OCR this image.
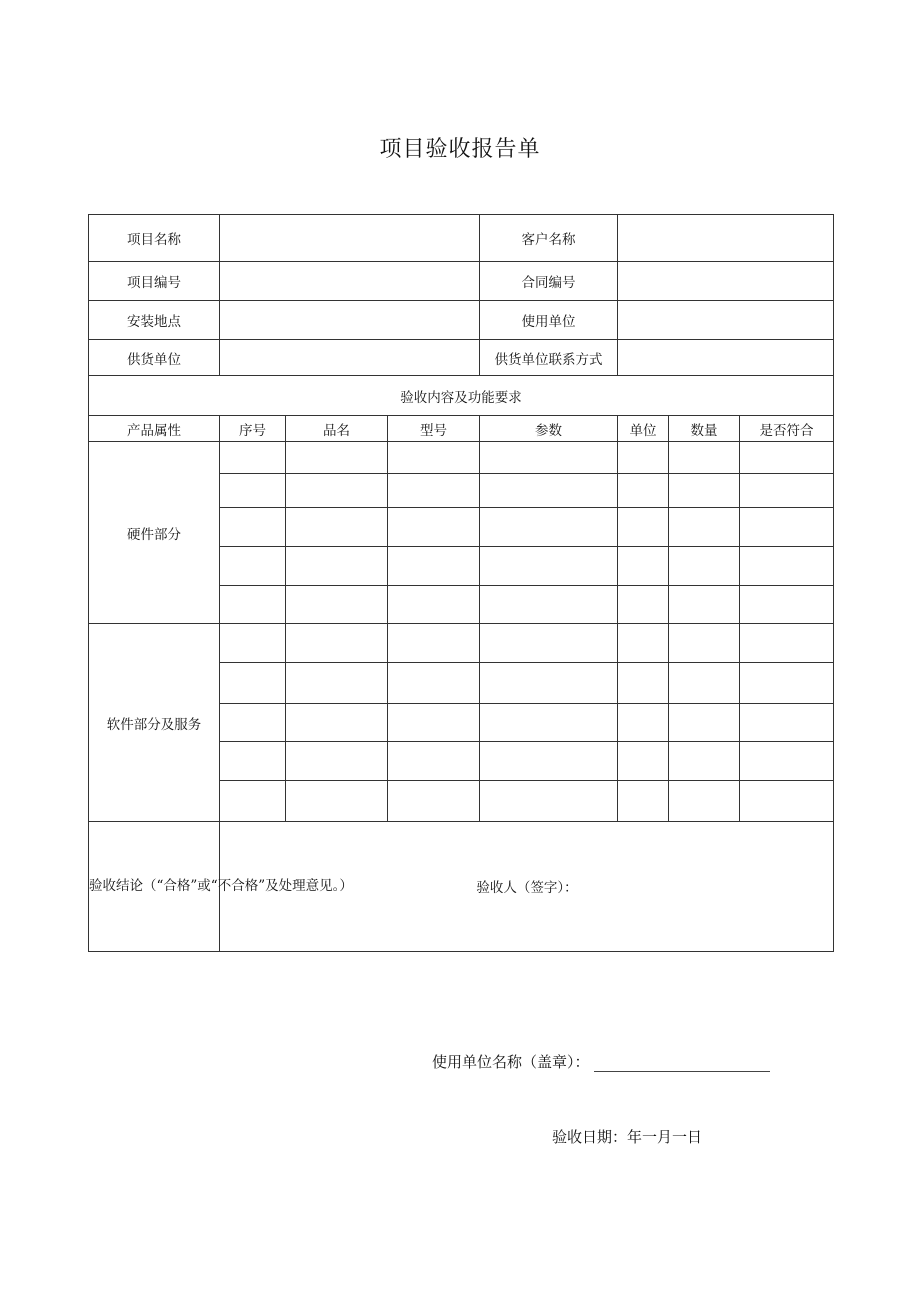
项目验收报告单
项目名称				客户名称			
项目编号				合同编号			
安装地点				使用单位			
供货单位				供货单位联系方式			
验收内容及功能要求							
产品属性	序号	品名	型号	参数	单位	数量	是否符合
硬件部分							

软件部分及服务							

验收结论（“合格”或“不合格”及处理意见。）	验收人（签字）：						
使用单位名称（盖章）：
验收日期：年一月一日
